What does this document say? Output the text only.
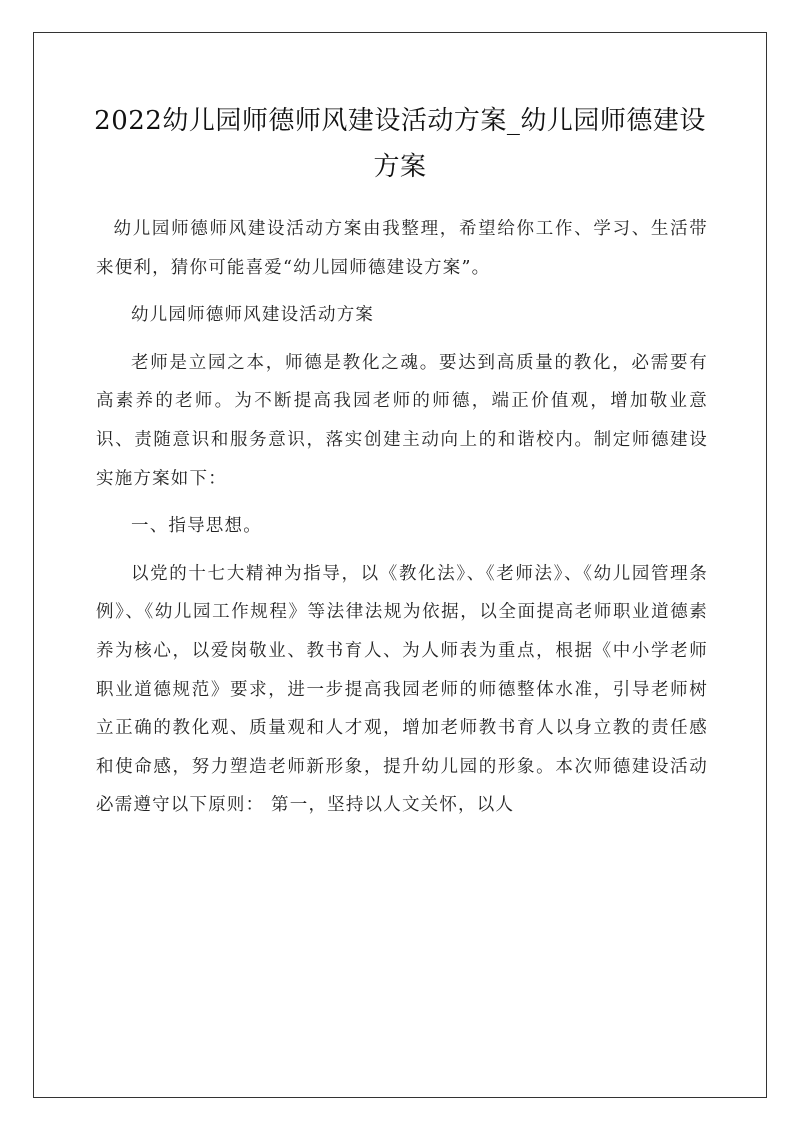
2022幼儿园师德师风建设活动方案_幼儿园师德建设方案

幼儿园师德师风建设活动方案由我整理，希望给你工作、学习、生活带来便利，猜你可能喜爱“幼儿园师德建设方案”。

幼儿园师德师风建设活动方案

老师是立园之本，师德是教化之魂。要达到高质量的教化，必需要有高素养的老师。为不断提高我园老师的师德，端正价值观，增加敬业意识、责随意识和服务意识，落实创建主动向上的和谐校内。制定师德建设实施方案如下：

一、指导思想。

以党的十七大精神为指导，以《教化法》、《老师法》、《幼儿园管理条例》、《幼儿园工作规程》等法律法规为依据，以全面提高老师职业道德素养为核心，以爱岗敬业、教书育人、为人师表为重点，根据《中小学老师职业道德规范》要求，进一步提高我园老师的师德整体水准，引导老师树立正确的教化观、质量观和人才观，增加老师教书育人以身立教的责任感和使命感，努力塑造老师新形象，提升幼儿园的形象。本次师德建设活动必需遵守以下原则： 第一，坚持以人文关怀，以人
